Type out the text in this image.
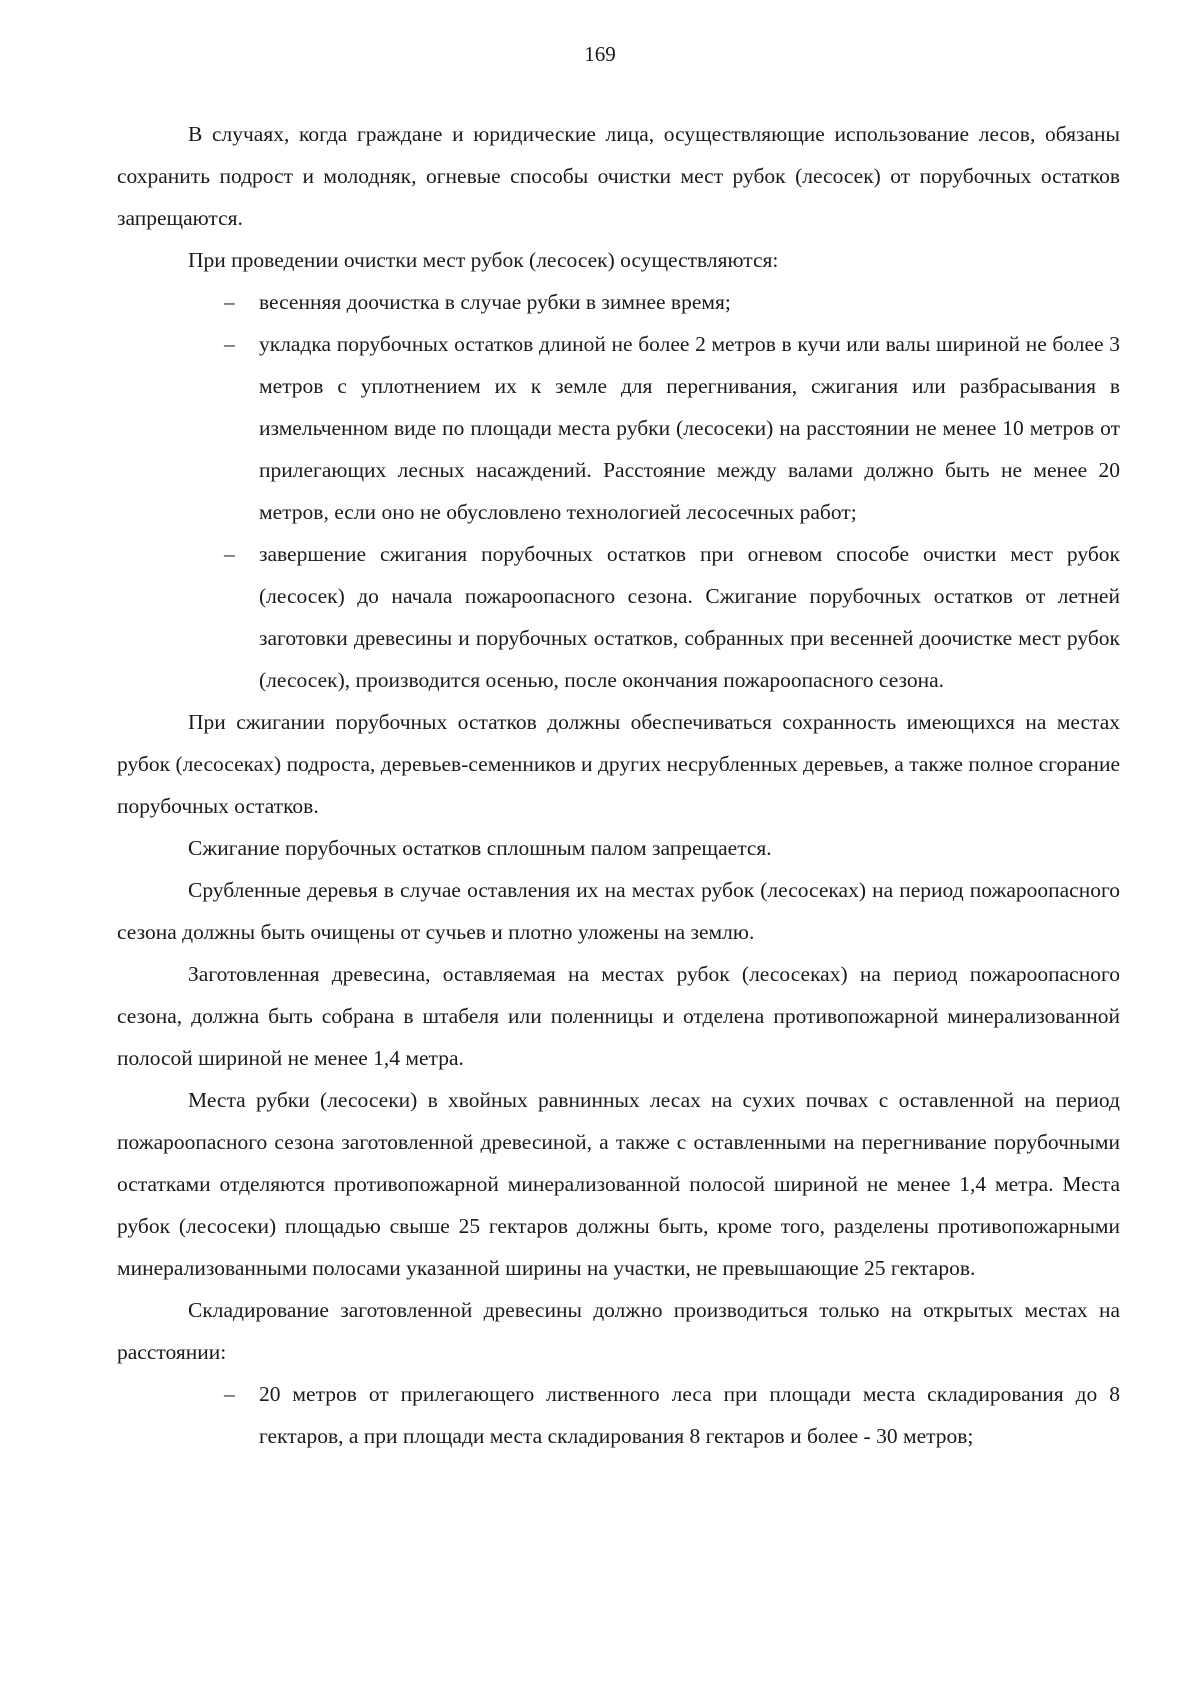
169

В случаях, когда граждане и юридические лица, осуществляющие использование лесов, обязаны сохранить подрост и молодняк, огневые способы очистки мест рубок (лесосек) от порубочных остатков запрещаются.

При проведении очистки мест рубок (лесосек) осуществляются:

– весенняя доочистка в случае рубки в зимнее время;
– укладка порубочных остатков длиной не более 2 метров в кучи или валы шириной не более 3 метров с уплотнением их к земле для перегнивания, сжигания или разбрасывания в измельченном виде по площади места рубки (лесосеки) на расстоянии не менее 10 метров от прилегающих лесных насаждений. Расстояние между валами должно быть не менее 20 метров, если оно не обусловлено технологией лесосечных работ;
– завершение сжигания порубочных остатков при огневом способе очистки мест рубок (лесосек) до начала пожароопасного сезона. Сжигание порубочных остатков от летней заготовки древесины и порубочных остатков, собранных при весенней доочистке мест рубок (лесосек), производится осенью, после окончания пожароопасного сезона.

При сжигании порубочных остатков должны обеспечиваться сохранность имеющихся на местах рубок (лесосеках) подроста, деревьев-семенников и других несрубленных деревьев, а также полное сгорание порубочных остатков.

Сжигание порубочных остатков сплошным палом запрещается.

Срубленные деревья в случае оставления их на местах рубок (лесосеках) на период пожароопасного сезона должны быть очищены от сучьев и плотно уложены на землю.

Заготовленная древесина, оставляемая на местах рубок (лесосеках) на период пожароопасного сезона, должна быть собрана в штабеля или поленницы и отделена противопожарной минерализованной полосой шириной не менее 1,4 метра.

Места рубки (лесосеки) в хвойных равнинных лесах на сухих почвах с оставленной на период пожароопасного сезона заготовленной древесиной, а также с оставленными на перегнивание порубочными остатками отделяются противопожарной минерализованной полосой шириной не менее 1,4 метра. Места рубок (лесосеки) площадью свыше 25 гектаров должны быть, кроме того, разделены противопожарными минерализованными полосами указанной ширины на участки, не превышающие 25 гектаров.

Складирование заготовленной древесины должно производиться только на открытых местах на расстоянии:

– 20 метров от прилегающего лиственного леса при площади места складирования до 8 гектаров, а при площади места складирования 8 гектаров и более - 30 метров;
